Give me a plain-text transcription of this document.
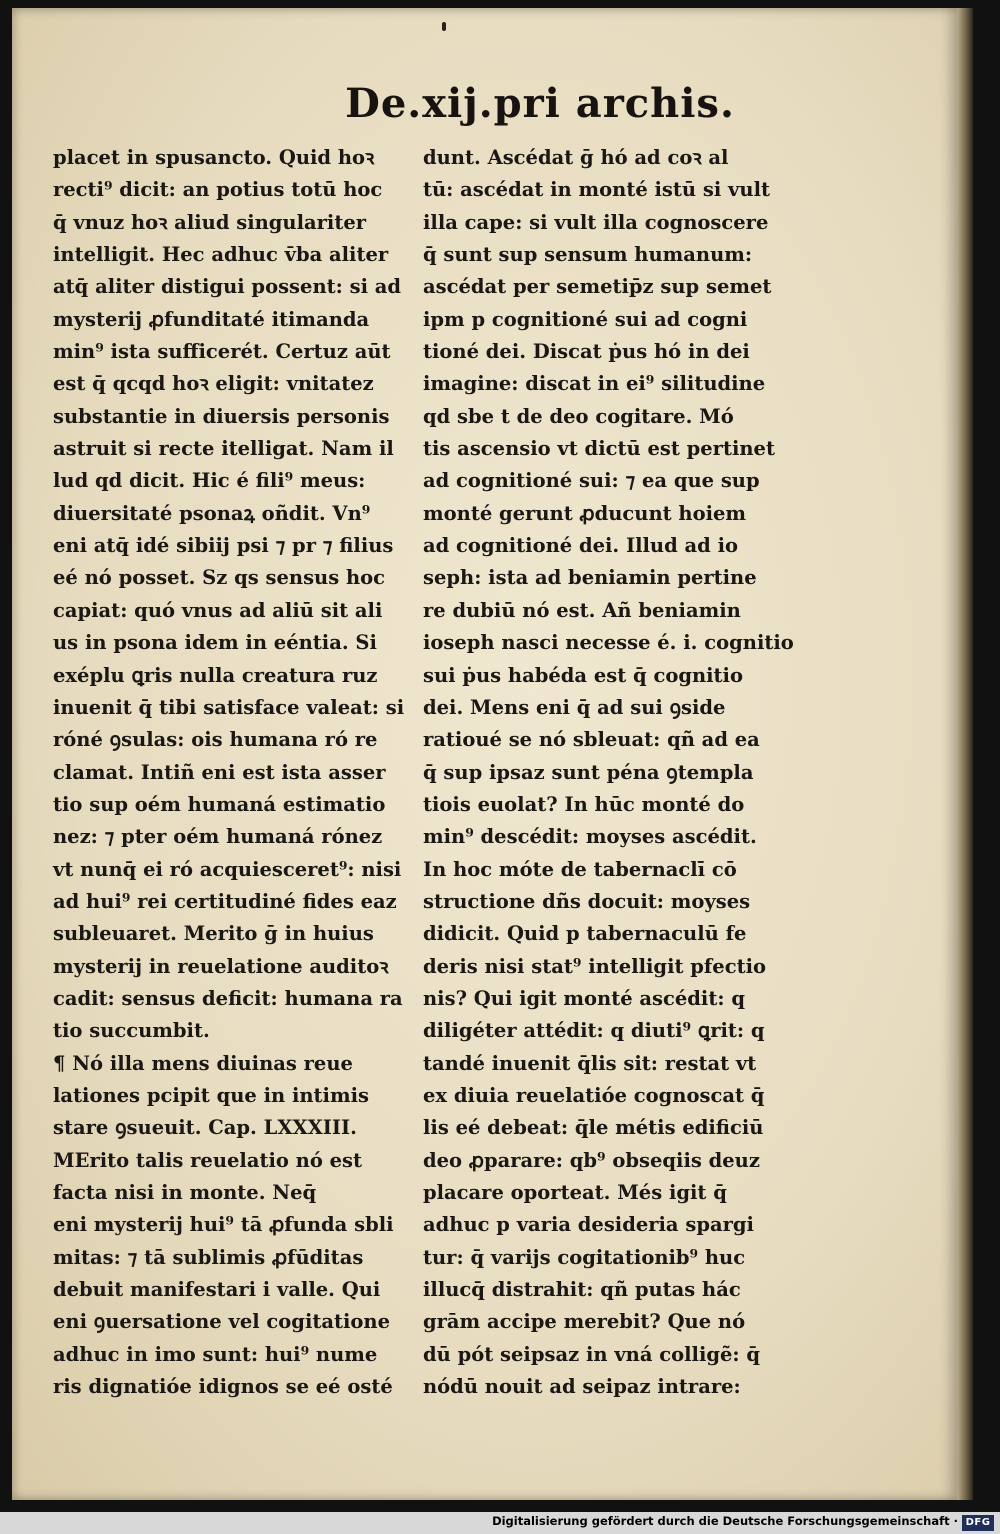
De.xij.pri archis.
placet in spusancto. Quid hoꝛ
recti⁹ dicit: an potius totū hoc
q̄ vnuz hoꝛ aliud singulariter
intelligit. Hec adhuc v̄ba aliter
atq̄ aliter distigui possent: si ad
mysterij ꝓfunditaté itimanda
min⁹ ista sufficerét. Certuz aūt
est q̄ qcqd hoꝛ eligit: vnitatez
substantie in diuersis personis
astruit si recte itelligat. Nam il
lud qd dicit. Hic é fili⁹ meus:
diuersitaté psonaꝝ oñdit. Vn⁹
eni atq̄ idé sibiij psi ⁊ pr ⁊ filius
eé nó posset. Sz qs sensus hoc
capiat: quó vnus ad aliū sit ali
us in psona idem in eéntia. Si
exéplu ꝗris nulla creatura ruz
inuenit q̄ tibi satisface valeat: si
róné ꝯsulas: ois humana ró re
clamat. Intiñ eni est ista asser
tio sup oém humaná estimatio
nez: ⁊ pter oém humaná rónez
vt nunq̄ ei ró acquiesceret⁹: nisi
ad hui⁹ rei certitudiné fides eaz
subleuaret. Merito ḡ in huius
mysterij in reuelatione auditoꝛ
cadit: sensus deficit: humana ra
tio succumbit.
¶ Nó illa mens diuinas reue
lationes pcipit que in intimis
stare ꝯsueuit. Cap. LXXXIII.
MErito talis reuelatio nó est
facta nisi in monte. Neq̄
eni mysterij hui⁹ tā ꝓfunda sbli
mitas: ⁊ tā sublimis ꝓfūditas
debuit manifestari i valle. Qui
eni ꝯuersatione vel cogitatione
adhuc in imo sunt: hui⁹ nume
ris dignatióe idignos se eé osté
dunt. Ascédat ḡ hó ad coꝛ al
tū: ascédat in monté istū si vult
illa cape: si vult illa cognoscere
q̄ sunt sup sensum humanum:
ascédat per semetip̄z sup semet
ipm p cognitioné sui ad cogni
tioné dei. Discat ṗus hó in dei
imagine: discat in ei⁹ silitudine
qd sbe t de deo cogitare. Mó
tis ascensio vt dictū est pertinet
ad cognitioné sui: ⁊ ea que sup
monté gerunt ꝓducunt hoiem
ad cognitioné dei. Illud ad io
seph: ista ad beniamin pertine
re dubiū nó est. Añ beniamin
ioseph nasci necesse é. i. cognitio
sui ṗus habéda est q̄ cognitio
dei. Mens eni q̄ ad sui ꝯside
ratioué se nó sbleuat: qñ ad ea
q̄ sup ipsaz sunt péna ꝯtempla
tiois euolat? In hūc monté do
min⁹ descédit: moyses ascédit.
In hoc móte de tabernaclī cō
structione dñs docuit: moyses
didicit. Quid p tabernaculū fe
deris nisi stat⁹ intelligit pfectio
nis? Qui igit monté ascédit: q
diligéter attédit: q diuti⁹ ꝗrit: q
tandé inuenit q̄lis sit: restat vt
ex diuia reuelatióe cognoscat q̄
lis eé debeat: q̄le métis edificiū
deo ꝓparare: qb⁹ obseqiis deuz
placare oporteat. Més igit q̄
adhuc p varia desideria spargi
tur: q̄ varijs cogitationib⁹ huc
illucq̄ distrahit: qñ putas hác
grām accipe merebit? Que nó
dū pót seipsaz in vná colligẽ: q̄
nódū nouit ad seipaz intrare:
Digitalisierung gefördert durch die Deutsche Forschungsgemeinschaft · DFG
